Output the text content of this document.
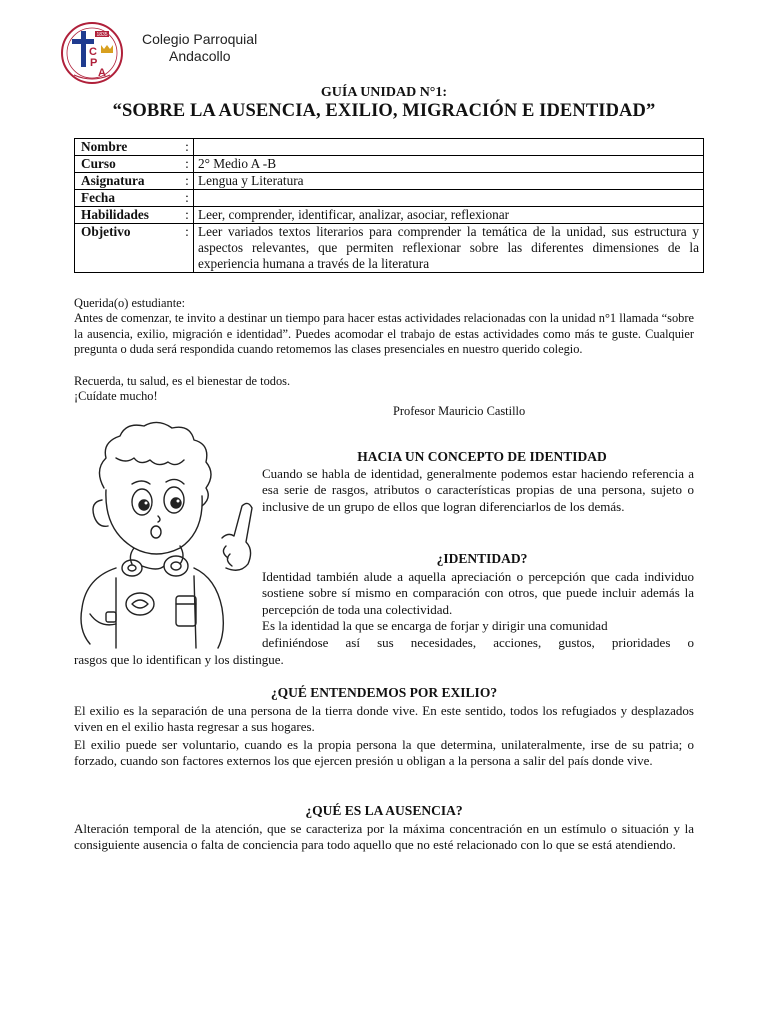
1835
C
P
A
Colegio Parroquial
Andacollo
GUÍA UNIDAD N°1:
“SOBRE LA AUSENCIA, EXILIO, MIGRACIÓN E IDENTIDAD”
Nombre	:	
Curso	:	2° Medio A -B
Asignatura	:	Lengua y Literatura
Fecha	:	
Habilidades	:	Leer, comprender, identificar, analizar, asociar, reflexionar
Objetivo	:	Leer variados textos literarios para comprender la temática de la unidad, sus estructura y aspectos relevantes, que permiten reflexionar sobre las diferentes dimensiones de la experiencia humana a través de la literatura
Querida(o) estudiante:
Antes de comenzar, te invito a destinar un tiempo para hacer estas actividades relacionadas con la unidad n°1 llamada “sobre la ausencia, exilio, migración e identidad”. Puedes acomodar el trabajo de estas actividades como más te guste. Cualquier pregunta o duda será respondida cuando retomemos las clases presenciales en nuestro querido colegio.
Recuerda, tu salud, es el bienestar de todos.
¡Cuídate mucho!
Profesor Mauricio Castillo
HACIA UN CONCEPTO DE IDENTIDAD
Cuando se habla de identidad, generalmente podemos estar haciendo referencia a esa serie de rasgos, atributos o características propias de una persona, sujeto o inclusive de un grupo de ellos que logran diferenciarlos de los demás.
¿IDENTIDAD?
Identidad también alude a aquella apreciación o percepción que cada individuo sostiene sobre sí mismo en comparación con otros, que puede incluir además la percepción de toda una colectividad.
Es la identidad la que se encarga de forjar y dirigir una comunidad
definiéndose así sus necesidades, acciones, gustos, prioridades o
rasgos que lo identifican y los distingue.
¿QUÉ ENTENDEMOS POR EXILIO?
El exilio es la separación de una persona de la tierra donde vive. En este sentido, todos los refugiados y desplazados viven en el exilio hasta regresar a sus hogares.
El exilio puede ser voluntario, cuando es la propia persona la que determina, unilateralmente, irse de su patria; o forzado, cuando son factores externos los que ejercen presión u obligan a la persona a salir del país donde vive.
¿QUÉ ES LA AUSENCIA?
Alteración temporal de la atención, que se caracteriza por la máxima concentración en un estímulo o situación y la consiguiente ausencia o falta de conciencia para todo aquello que no esté relacionado con lo que se está atendiendo.
